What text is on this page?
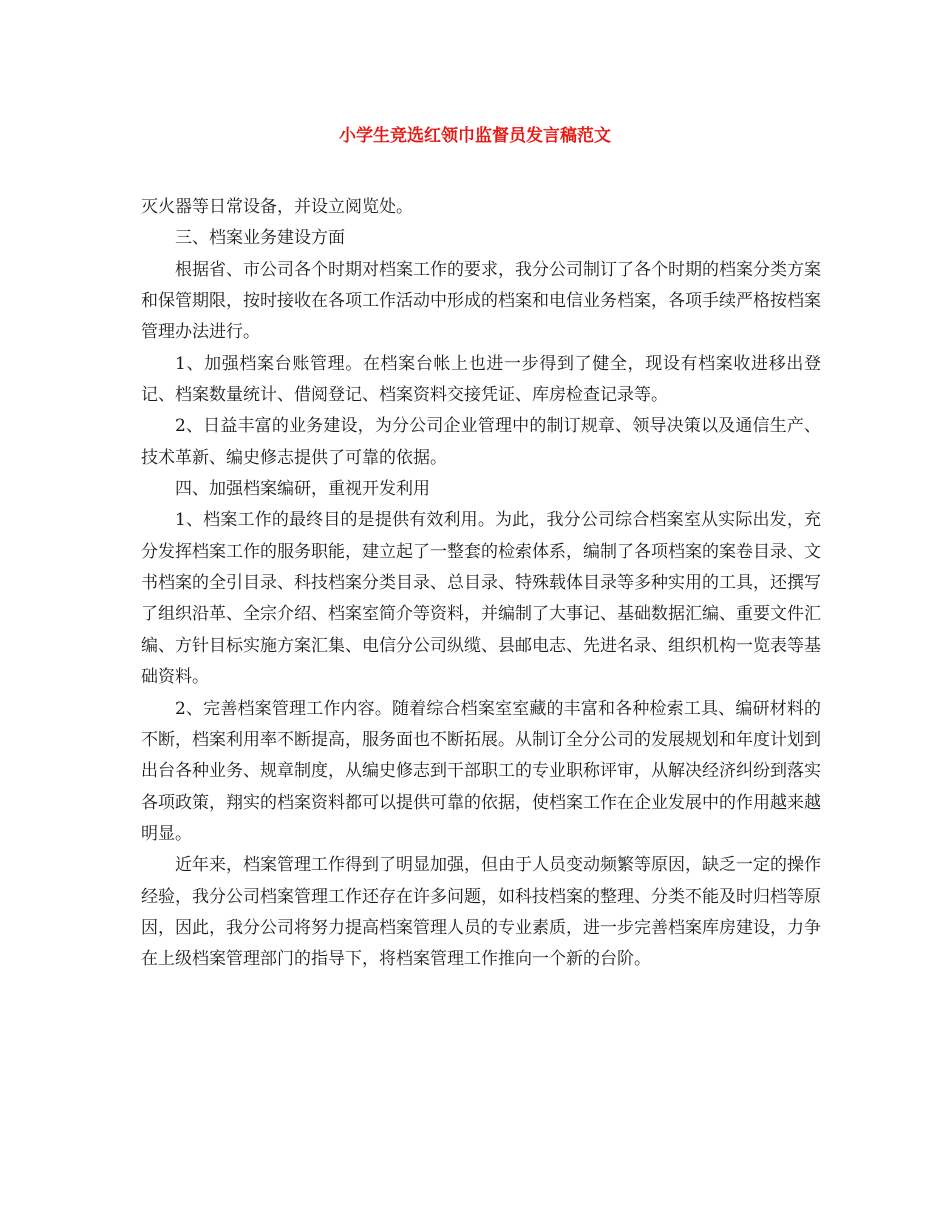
小学生竞选红领巾监督员发言稿范文

灭火器等日常设备，并设立阅览处。

三、档案业务建设方面

根据省、市公司各个时期对档案工作的要求，我分公司制订了各个时期的档案分类方案和保管期限，按时接收在各项工作活动中形成的档案和电信业务档案，各项手续严格按档案管理办法进行。

1、加强档案台账管理。在档案台帐上也进一步得到了健全，现设有档案收进移出登记、档案数量统计、借阅登记、档案资料交接凭证、库房检查记录等。

2、日益丰富的业务建设，为分公司企业管理中的制订规章、领导决策以及通信生产、技术革新、编史修志提供了可靠的依据。

四、加强档案编研，重视开发利用

1、档案工作的最终目的是提供有效利用。为此，我分公司综合档案室从实际出发，充分发挥档案工作的服务职能，建立起了一整套的检索体系，编制了各项档案的案卷目录、文书档案的全引目录、科技档案分类目录、总目录、特殊载体目录等多种实用的工具，还撰写了组织沿革、全宗介绍、档案室简介等资料，并编制了大事记、基础数据汇编、重要文件汇编、方针目标实施方案汇集、电信分公司纵缆、县邮电志、先进名录、组织机构一览表等基础资料。

2、完善档案管理工作内容。随着综合档案室室藏的丰富和各种检索工具、编研材料的不断，档案利用率不断提高，服务面也不断拓展。从制订全分公司的发展规划和年度计划到出台各种业务、规章制度，从编史修志到干部职工的专业职称评审，从解决经济纠纷到落实各项政策，翔实的档案资料都可以提供可靠的依据，使档案工作在企业发展中的作用越来越明显。

近年来，档案管理工作得到了明显加强，但由于人员变动频繁等原因，缺乏一定的操作经验，我分公司档案管理工作还存在许多问题，如科技档案的整理、分类不能及时归档等原因，因此，我分公司将努力提高档案管理人员的专业素质，进一步完善档案库房建设，力争在上级档案管理部门的指导下，将档案管理工作推向一个新的台阶。
